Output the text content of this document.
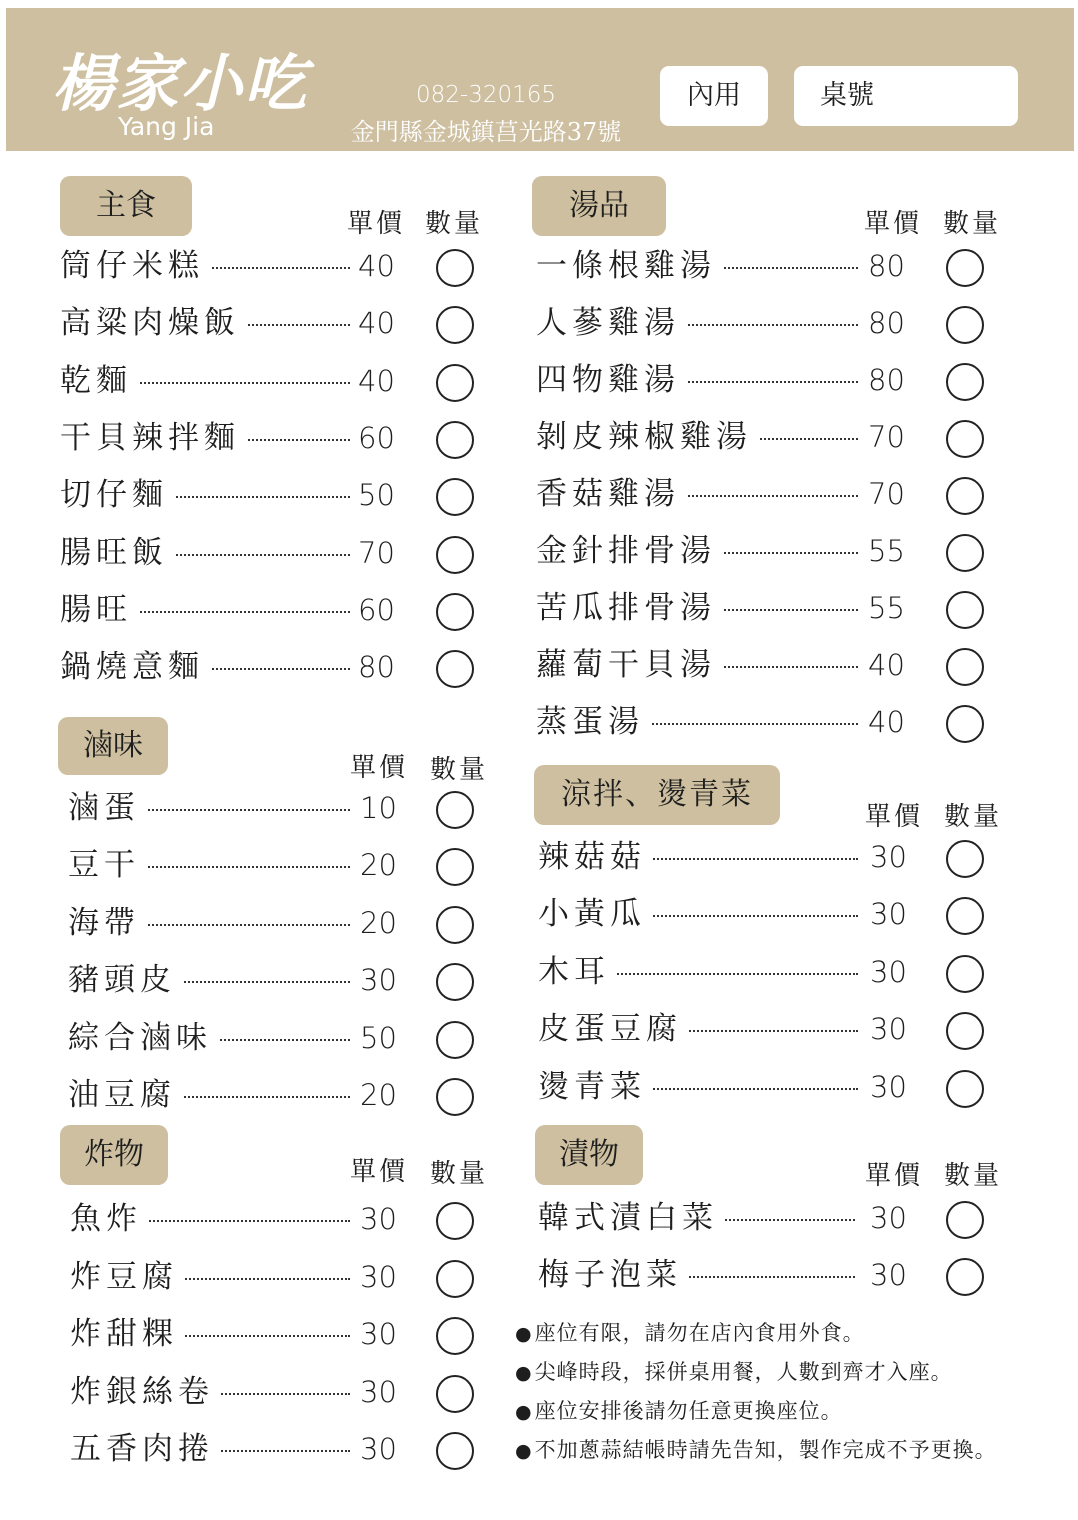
楊家小吃
Yang Jia
082-320165
金門縣金城鎮莒光路37號
內用	桌號
主食
滷味
炸物
湯品
涼拌、燙青菜
漬物
單價 數量
單價 數量
單價 數量
單價 數量
單價 數量
單價 數量
筒仔米糕	40
高粱肉燥飯	40
乾麵	40
干貝辣拌麵	60
切仔麵	50
腸旺飯	70
腸旺	60
鍋燒意麵	80
滷蛋	10
豆干	20
海帶	20
豬頭皮	30
綜合滷味	50
油豆腐	20
魚炸	30
炸豆腐	30
炸甜粿	30
炸銀絲卷	30
五香肉捲	30
一條根雞湯	80
人蔘雞湯	80
四物雞湯	80
剝皮辣椒雞湯	70
香菇雞湯	70
金針排骨湯	55
苦瓜排骨湯	55
蘿蔔干貝湯	40
蒸蛋湯	40
辣菇菇	30
小黃瓜	30
木耳	30
皮蛋豆腐	30
燙青菜	30
韓式漬白菜	30
梅子泡菜	30
●座位有限，請勿在店內食用外食。
●尖峰時段，採併桌用餐，人數到齊才入座。
●座位安排後請勿任意更換座位。
●不加蔥蒜結帳時請先告知，製作完成不予更換。
